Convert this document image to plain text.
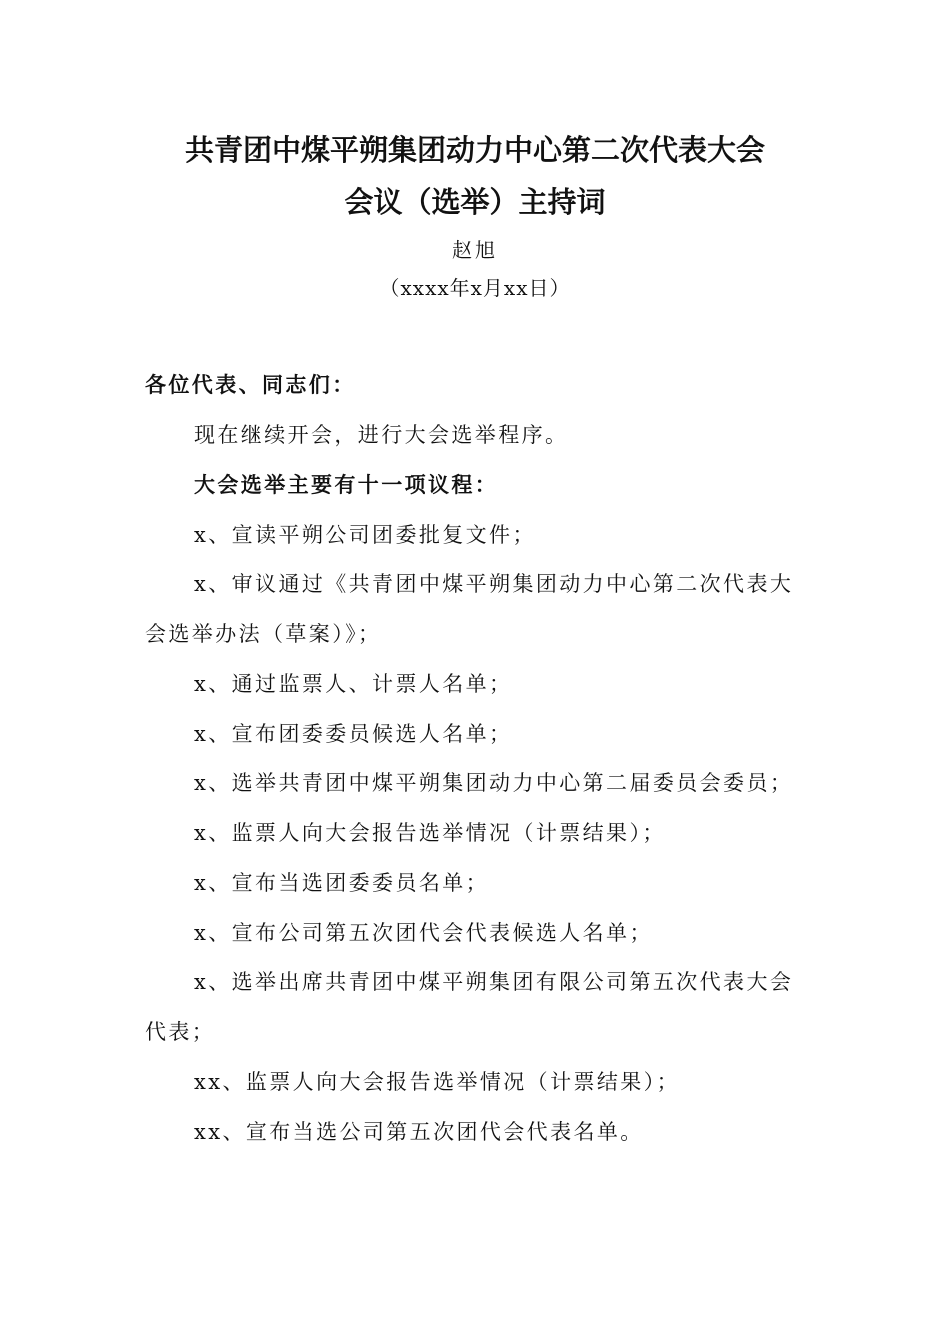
共青团中煤平朔集团动力中心第二次代表大会
会议（选举）主持词
赵旭
（xxxx年x月xx日）
各位代表、同志们：
现在继续开会，进行大会选举程序。
大会选举主要有十一项议程：
x、宣读平朔公司团委批复文件；
x、审议通过《共青团中煤平朔集团动力中心第二次代表大
会选举办法（草案）》；
x、通过监票人、计票人名单；
x、宣布团委委员候选人名单；
x、选举共青团中煤平朔集团动力中心第二届委员会委员；
x、监票人向大会报告选举情况（计票结果）；
x、宣布当选团委委员名单；
x、宣布公司第五次团代会代表候选人名单；
x、选举出席共青团中煤平朔集团有限公司第五次代表大会
代表；
xx、监票人向大会报告选举情况（计票结果）；
xx、宣布当选公司第五次团代会代表名单。
